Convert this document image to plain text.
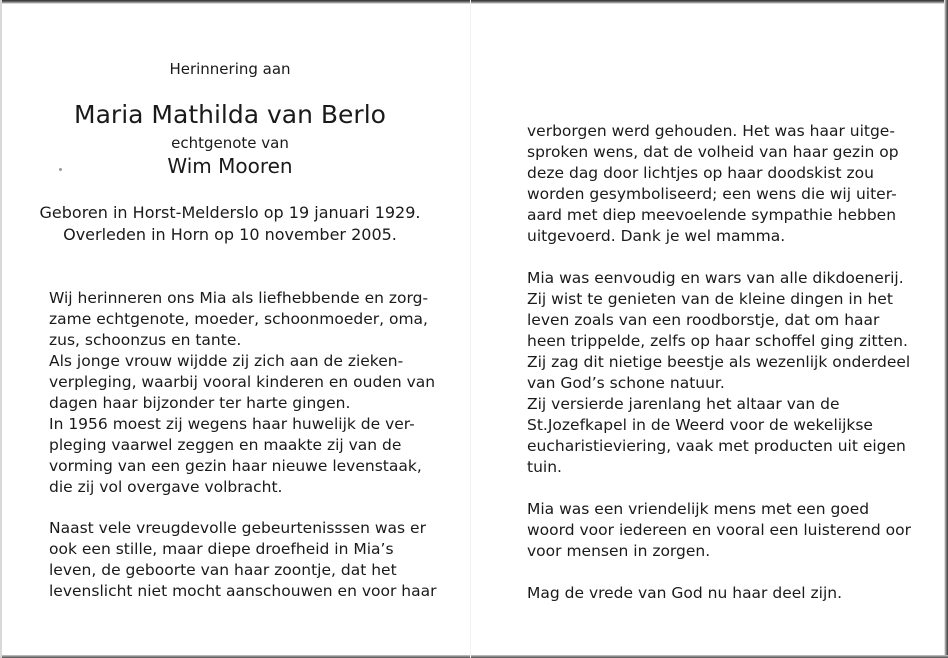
Herinnering aan
Maria Mathilda van Berlo
echtgenote van
Wim Mooren
Geboren in Horst-Melderslo op 19 januari 1929.
Overleden in Horn op 10 november 2005.
Wij herinneren ons Mia als liefhebbende en zorg-
zame echtgenote, moeder, schoonmoeder, oma,
zus, schoonzus en tante.
Als jonge vrouw wijdde zij zich aan de zieken-
verpleging, waarbij vooral kinderen en ouden van
dagen haar bijzonder ter harte gingen.
In 1956 moest zij wegens haar huwelijk de ver-
pleging vaarwel zeggen en maakte zij van de
vorming van een gezin haar nieuwe levenstaak,
die zij vol overgave volbracht.
Naast vele vreugdevolle gebeurtenisssen was er
ook een stille, maar diepe droefheid in Mia’s
leven, de geboorte van haar zoontje, dat het
levenslicht niet mocht aanschouwen en voor haar
verborgen werd gehouden. Het was haar uitge-
sproken wens, dat de volheid van haar gezin op
deze dag door lichtjes op haar doodskist zou
worden gesymboliseerd; een wens die wij uiter-
aard met diep meevoelende sympathie hebben
uitgevoerd. Dank je wel mamma.
Mia was eenvoudig en wars van alle dikdoenerij.
Zij wist te genieten van de kleine dingen in het
leven zoals van een roodborstje, dat om haar
heen trippelde, zelfs op haar schoffel ging zitten.
Zij zag dit nietige beestje als wezenlijk onderdeel
van God’s schone natuur.
Zij versierde jarenlang het altaar van de
St.Jozefkapel in de Weerd voor de wekelijkse
eucharistieviering, vaak met producten uit eigen
tuin.
Mia was een vriendelijk mens met een goed
woord voor iedereen en vooral een luisterend oor
voor mensen in zorgen.
Mag de vrede van God nu haar deel zijn.
